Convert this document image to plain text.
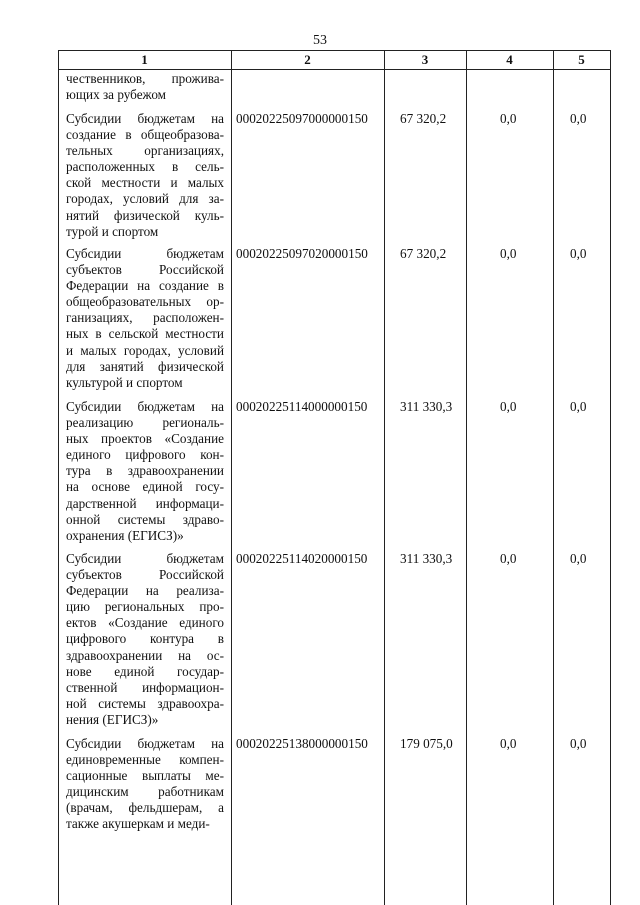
53
1	2	3	4	5
чественников, прожива-
ющих за рубежом
Субсидии бюджетам на
создание в общеобразова-
тельных организациях,
расположенных в сель-
ской местности и малых
городах, условий для за-
нятий физической куль-
турой и спортом
00020225097000000150 67 320,2	0,0	0,0
Субсидии бюджетам
субъектов Российской
Федерации на создание в
общеобразовательных ор-
ганизациях, расположен-
ных в сельской местности
и малых городах, условий
для занятий физической
культурой и спортом
00020225097020000150 67 320,2	0,0	0,0
Субсидии бюджетам на
реализацию региональ-
ных проектов «Создание
единого цифрового кон-
тура в здравоохранении
на основе единой госу-
дарственной информаци-
онной системы здраво-
охранения (ЕГИСЗ)»
00020225114000000150 311 330,3	0,0	0,0
Субсидии бюджетам
субъектов Российской
Федерации на реализа-
цию региональных про-
ектов «Создание единого
цифрового контура в
здравоохранении на ос-
нове единой государ-
ственной информацион-
ной системы здравоохра-
нения (ЕГИСЗ)»
00020225114020000150 311 330,3	0,0	0,0
Субсидии бюджетам на
единовременные компен-
сационные выплаты ме-
дицинским работникам
(врачам, фельдшерам, а
также акушеркам и меди-
00020225138000000150 179 075,0	0,0	0,0
